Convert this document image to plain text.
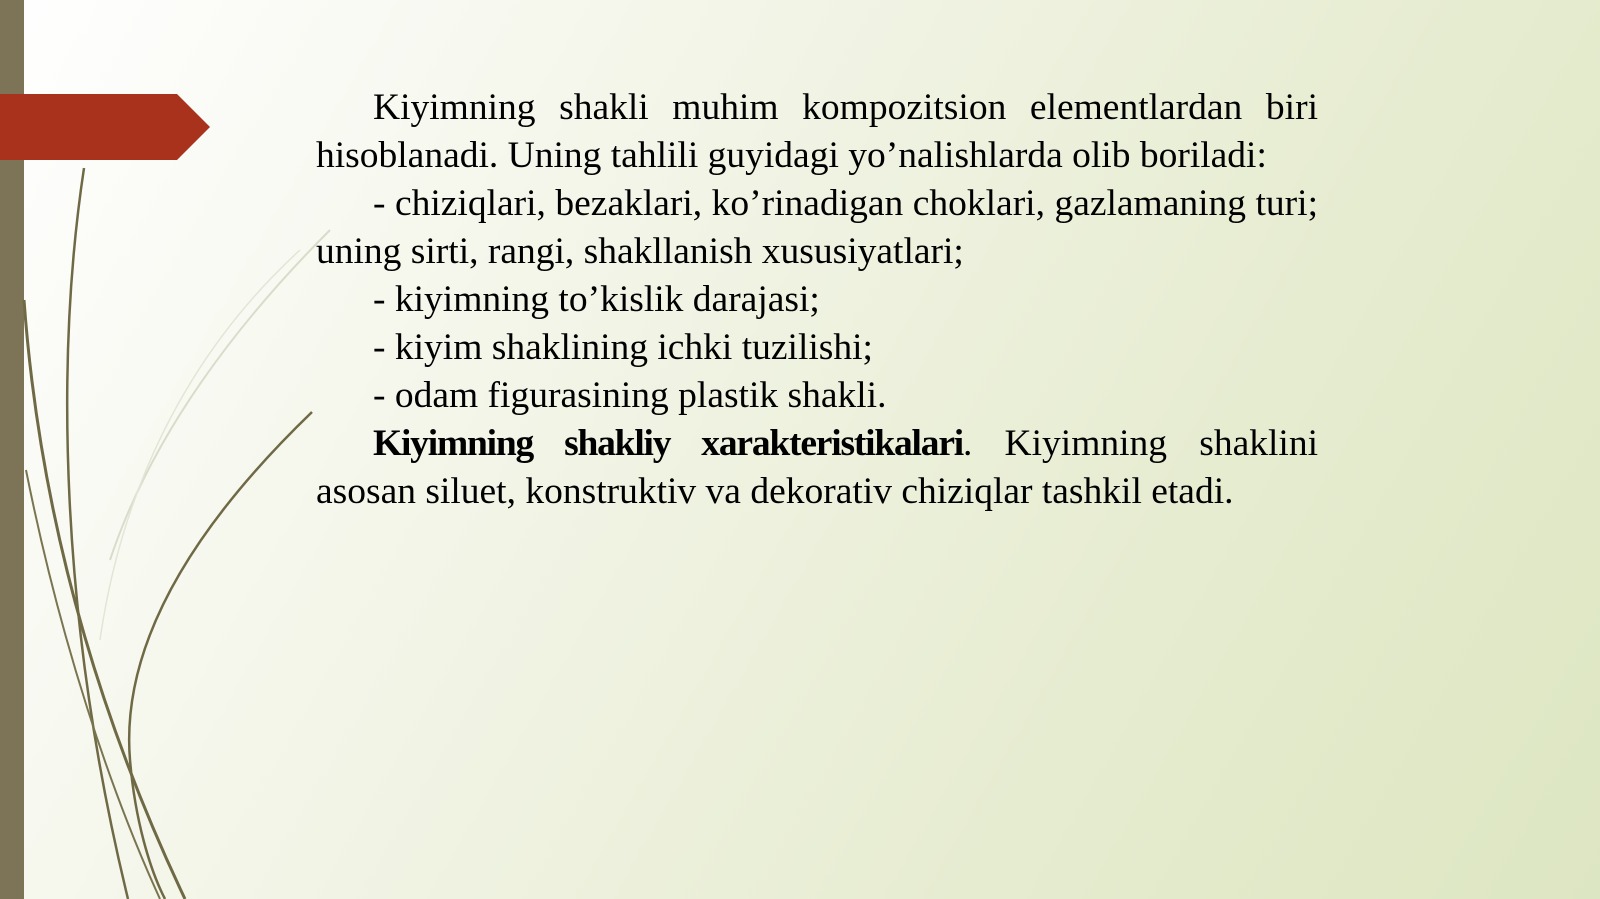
Kiyimning shakli muhim kompozitsion elementlardan biri hisoblanadi. Uning tahlili guyidagi yo’nalishlarda olib boriladi:

- chiziqlari, bezaklari, ko’rinadigan choklari, gazlamaning turi; uning sirti, rangi, shakllanish xususiyatlari;

- kiyimning to’kislik darajasi;

- kiyim shaklining ichki tuzilishi;

- odam figurasining plastik shakli.

Kiyimning shakliy xarakteristikalari. Kiyimning shaklini asosan siluet, konstruktiv va dekorativ chiziqlar tashkil etadi.
